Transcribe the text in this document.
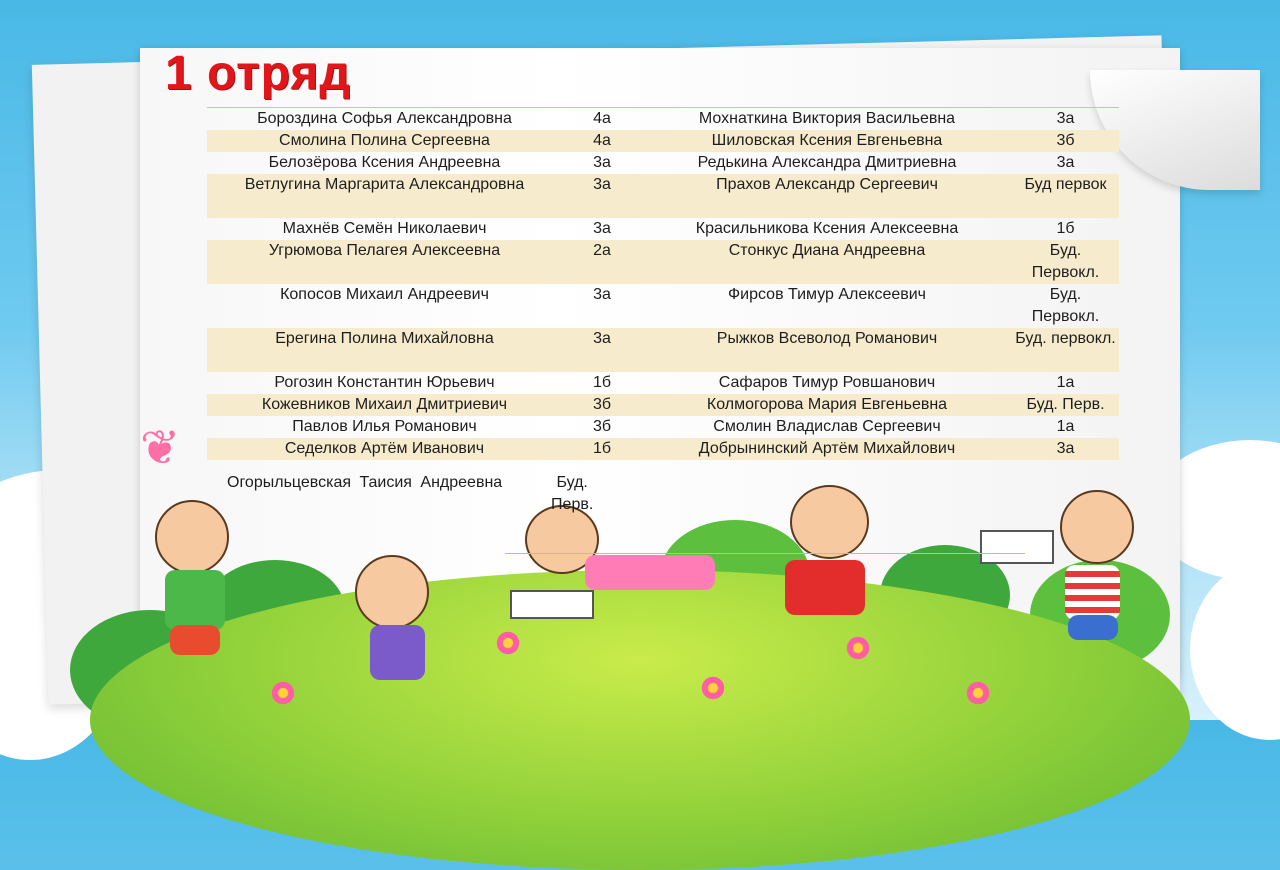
❦
1 отряд
Бороздина Софья Александровна	4а	Мохнаткина Виктория Васильевна	3а
Смолина Полина Сергеевна	4а	Шиловская Ксения Евгеньевна	3б
Белозёрова Ксения Андреевна	3а	Редькина Александра Дмитриевна	3а
Ветлугина Маргарита Александровна	3а	Прахов Александр Сергеевич	Буд первок
Махнёв Семён Николаевич	3а	Красильникова Ксения Алексеевна	1б
Угрюмова Пелагея Алексеевна	2а	Стонкус Диана Андреевна	Буд. Первокл.
Копосов Михаил Андреевич	3а	Фирсов Тимур Алексеевич	Буд. Первокл.
Ерегина Полина Михайловна	3а	Рыжков Всеволод Романович	Буд. первокл.
Рогозин Константин Юрьевич	1б	Сафаров Тимур Ровшанович	1а
Кожевников Михаил Дмитриевич	3б	Колмогорова Мария Евгеньевна	Буд. Перв.
Павлов Илья Романович	3б	Смолин Владислав Сергеевич	1а
Седелков Артём Иванович	1б	Добрынинский Артём Михайлович	3а
Огорыльцевская Таисия Андреевна	Буд. Перв.
